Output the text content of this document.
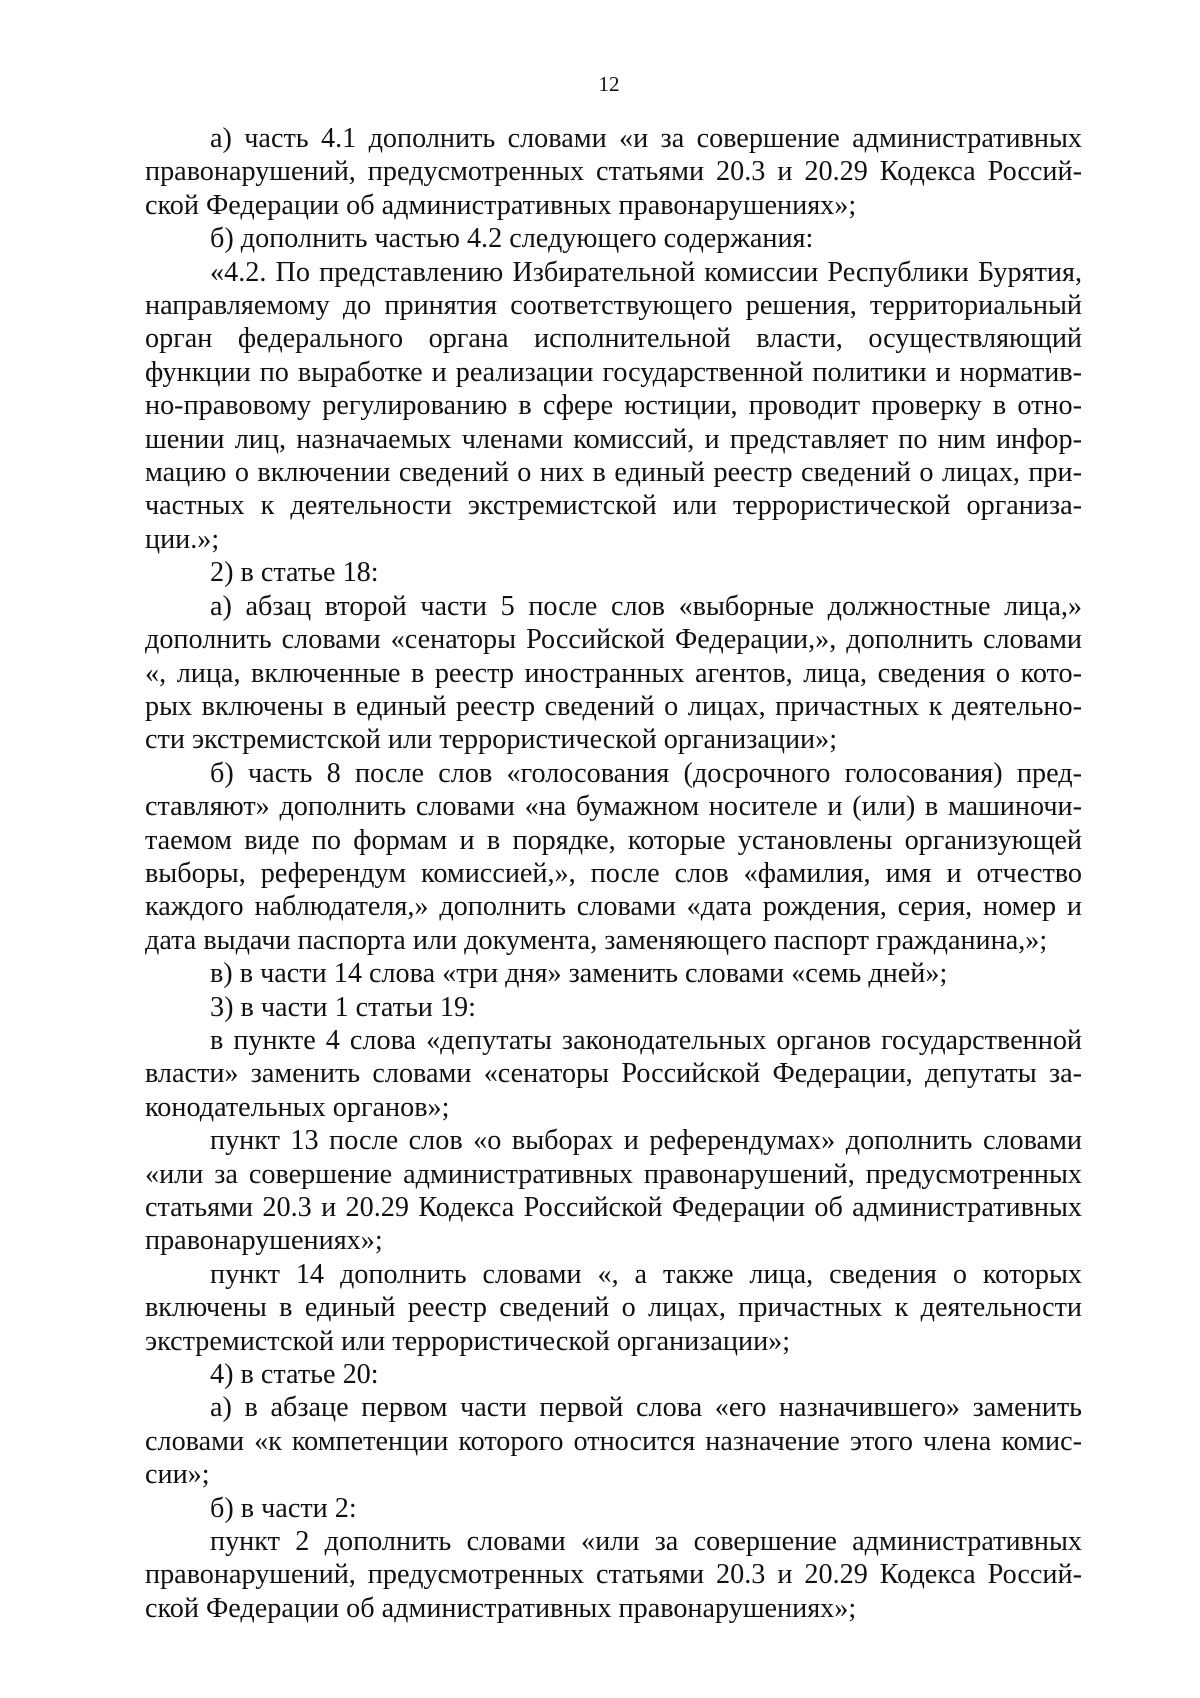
12

а) часть 4.1 дополнить словами «и за совершение административных правонарушений, предусмотренных статьями 20.3 и 20.29 Кодекса Российской Федерации об административных правонарушениях»;

б) дополнить частью 4.2 следующего содержания:

«4.2. По представлению Избирательной комиссии Республики Бурятия, направляемому до принятия соответствующего решения, территориальный орган федерального органа исполнительной власти, осуществляющий функции по выработке и реализации государственной политики и нормативно-правовому регулированию в сфере юстиции, проводит проверку в отношении лиц, назначаемых членами комиссий, и представляет по ним информацию о включении сведений о них в единый реестр сведений о лицах, причастных к деятельности экстремистской или террористической организации.»;

2) в статье 18:

а) абзац второй части 5 после слов «выборные должностные лица,» дополнить словами «сенаторы Российской Федерации,», дополнить словами «, лица, включенные в реестр иностранных агентов, лица, сведения о которых включены в единый реестр сведений о лицах, причастных к деятельности экстремистской или террористической организации»;

б) часть 8 после слов «голосования (досрочного голосования) представляют» дополнить словами «на бумажном носителе и (или) в машиночитаемом виде по формам и в порядке, которые установлены организующей выборы, референдум комиссией,», после слов «фамилия, имя и отчество каждого наблюдателя,» дополнить словами «дата рождения, серия, номер и дата выдачи паспорта или документа, заменяющего паспорт гражданина,»;

в) в части 14 слова «три дня» заменить словами «семь дней»;

3) в части 1 статьи 19:

в пункте 4 слова «депутаты законодательных органов государственной власти» заменить словами «сенаторы Российской Федерации, депутаты законодательных органов»;

пункт 13 после слов «о выборах и референдумах» дополнить словами «или за совершение административных правонарушений, предусмотренных статьями 20.3 и 20.29 Кодекса Российской Федерации об административных правонарушениях»;

пункт 14 дополнить словами «, а также лица, сведения о которых включены в единый реестр сведений о лицах, причастных к деятельности экстремистской или террористической организации»;

4) в статье 20:

а) в абзаце первом части первой слова «его назначившего» заменить словами «к компетенции которого относится назначение этого члена комиссии»;

б) в части 2:

пункт 2 дополнить словами «или за совершение административных правонарушений, предусмотренных статьями 20.3 и 20.29 Кодекса Российской Федерации об административных правонарушениях»;
